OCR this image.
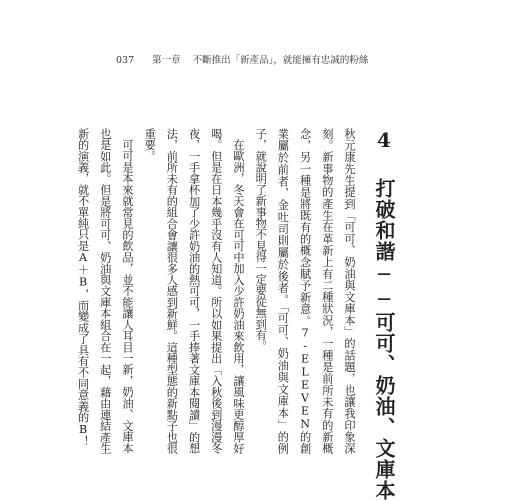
037 第一章 不斷推出「新產品」，就能擁有忠誠的粉絲
4 打破和諧──可可、奶油、文庫本

秋元康先生提到「可可、奶油與文庫本」的話題，也讓我印象深刻。新事物的產生在革新上有二種狀況，一種是前所未有的新概念，另一種是將既有的概念賦予新意。7-ELEVEN的創業屬於前者，金吐司則屬於後者。「可可、奶油與文庫本」的例子，就說明了新事物不見得一定要從無到有。

在歐洲，冬天會在可可中加入少許奶油來飲用，讓風味更醇厚好喝。但是在日本幾乎沒有人知道。所以如果提出「入秋後到漫漫冬夜，一手拿杯加了少許奶油的熱可可，一手捧著文庫本閱讀」的想法，前所未有的組合會讓很多人感到新鮮。這種型態的新點子也很重要。

可可是本來就常見的飲品，並不能讓人耳目一新，奶油、文庫本也是如此。但是將可可、奶油與文庫本組合在一起，藉由連結產生新的演義，就不單純只是A＋B，而變成了具有不同意義的B！
